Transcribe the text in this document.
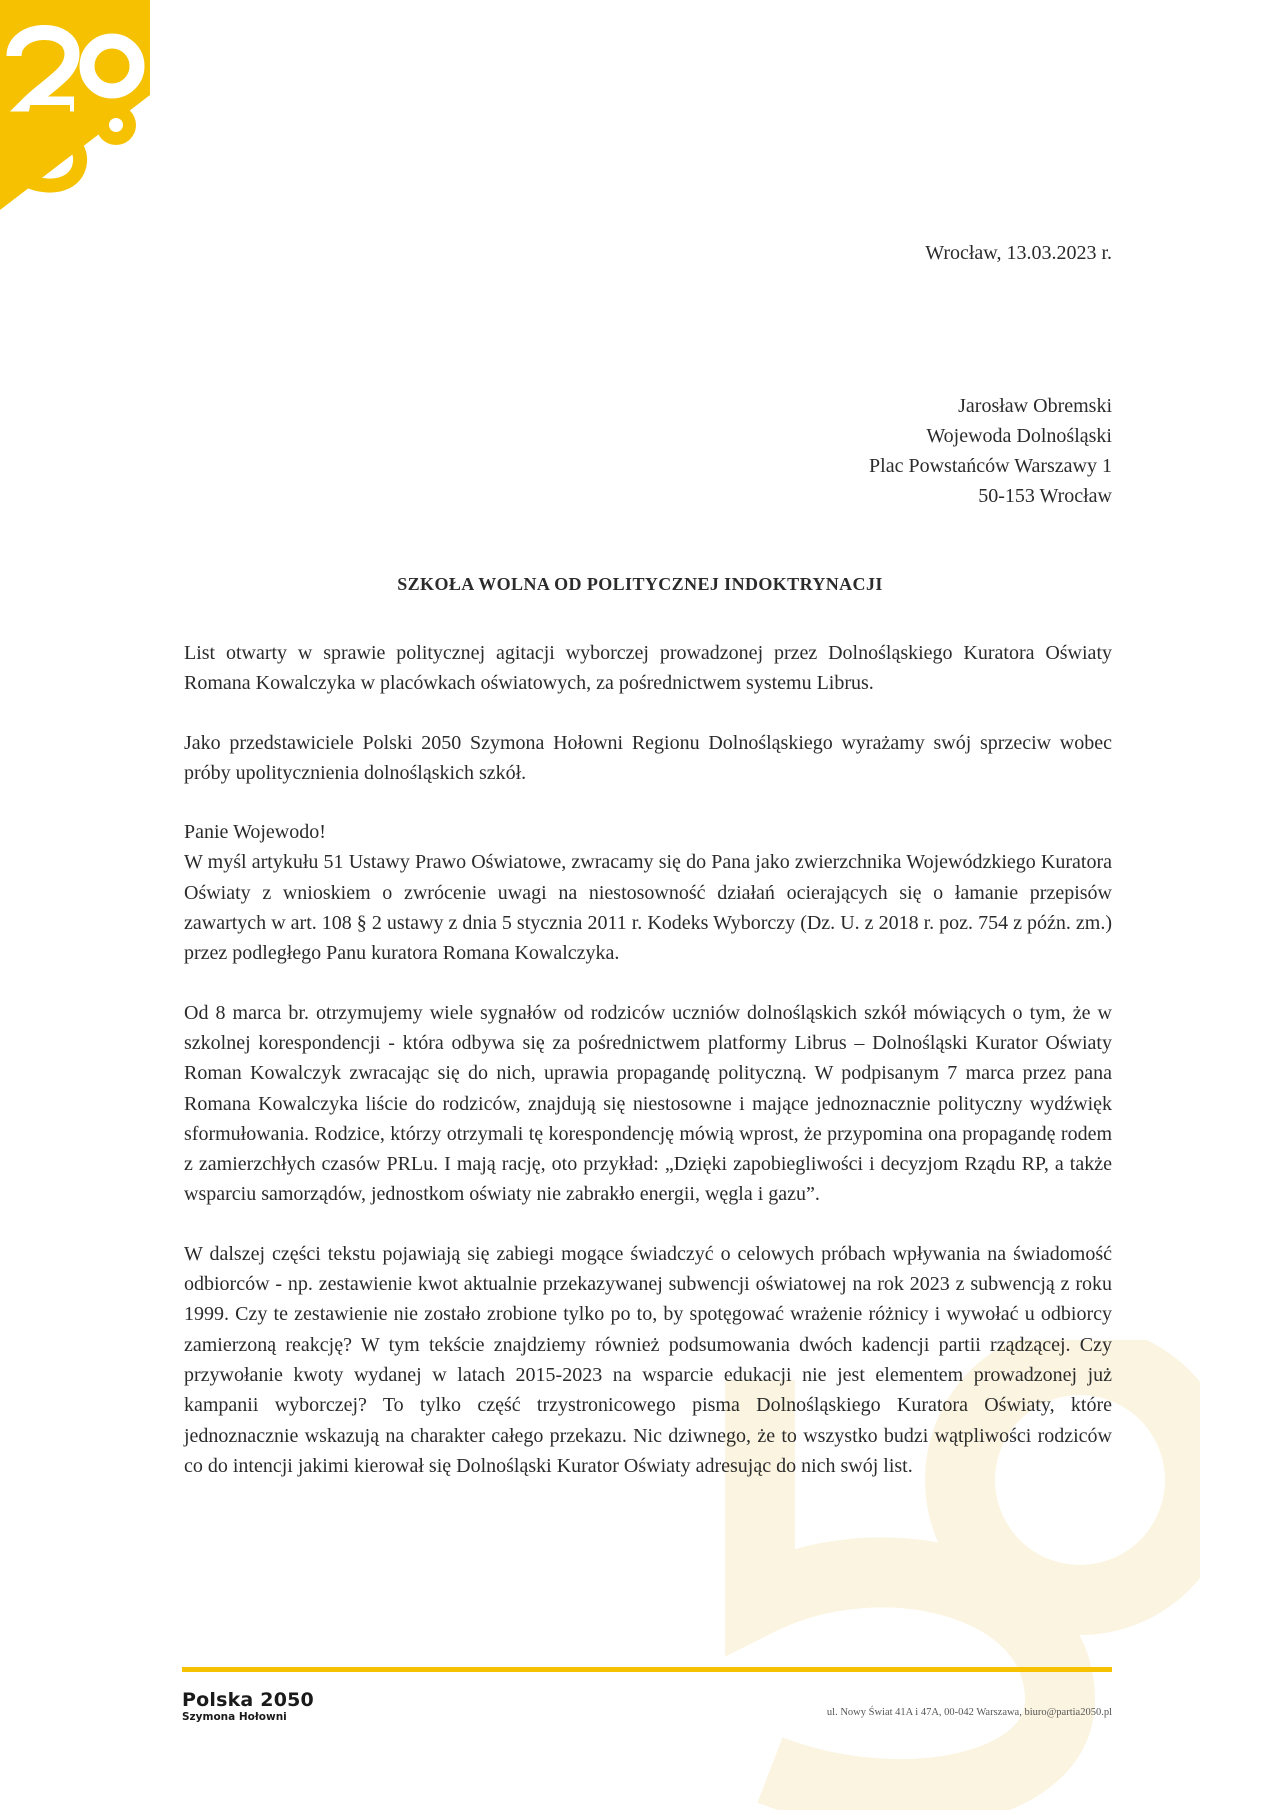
Wrocław, 13.03.2023 r.
Jarosław Obremski
Wojewoda Dolnośląski
Plac Powstańców Warszawy 1
50-153 Wrocław
SZKOŁA WOLNA OD POLITYCZNEJ INDOKTRYNACJI

List otwarty w sprawie politycznej agitacji wyborczej prowadzonej przez Dolnośląskiego Kuratora Oświaty Romana Kowalczyka w placówkach oświatowych, za pośrednictwem systemu Librus.

Jako przedstawiciele Polski 2050 Szymona Hołowni Regionu Dolnośląskiego wyrażamy swój sprzeciw wobec próby upolitycznienia dolnośląskich szkół.

Panie Wojewodo!

W myśl artykułu 51 Ustawy Prawo Oświatowe, zwracamy się do Pana jako zwierzchnika Wojewódzkiego Kuratora Oświaty z wnioskiem o zwrócenie uwagi na niestosowność działań ocierających się o łamanie przepisów zawartych w art. 108 § 2 ustawy z dnia 5 stycznia 2011 r. Kodeks Wyborczy (Dz. U. z 2018 r. poz. 754 z późn. zm.) przez podległego Panu kuratora Romana Kowalczyka.

Od 8 marca br. otrzymujemy wiele sygnałów od rodziców uczniów dolnośląskich szkół mówiących o tym, że w szkolnej korespondencji - która odbywa się za pośrednictwem platformy Librus – Dolnośląski Kurator Oświaty Roman Kowalczyk zwracając się do nich, uprawia propagandę polityczną. W podpisanym 7 marca przez pana Romana Kowalczyka liście do rodziców, znajdują się niestosowne i mające jednoznacznie polityczny wydźwięk sformułowania. Rodzice, którzy otrzymali tę korespondencję mówią wprost, że przypomina ona propagandę rodem z zamierzchłych czasów PRLu. I mają rację, oto przykład: „Dzięki zapobiegliwości i decyzjom Rządu RP, a także wsparciu samorządów, jednostkom oświaty nie zabrakło energii, węgla i gazu”.

W dalszej części tekstu pojawiają się zabiegi mogące świadczyć o celowych próbach wpływania na świadomość odbiorców - np. zestawienie kwot aktualnie przekazywanej subwencji oświatowej na rok 2023 z subwencją z roku 1999. Czy te zestawienie nie zostało zrobione tylko po to, by spotęgować wrażenie różnicy i wywołać u odbiorcy zamierzoną reakcję? W tym tekście znajdziemy również podsumowania dwóch kadencji partii rządzącej. Czy przywołanie kwoty wydanej w latach 2015-2023 na wsparcie edukacji nie jest elementem prowadzonej już kampanii wyborczej? To tylko część trzystronicowego pisma Dolnośląskiego Kuratora Oświaty, które jednoznacznie wskazują na charakter całego przekazu. Nic dziwnego, że to wszystko budzi wątpliwości rodziców co do intencji jakimi kierował się Dolnośląski Kurator Oświaty adresując do nich swój list.

Polska 2050
Szymona Hołowni	ul. Nowy Świat 41A i 47A, 00-042 Warszawa, biuro@partia2050.pl
